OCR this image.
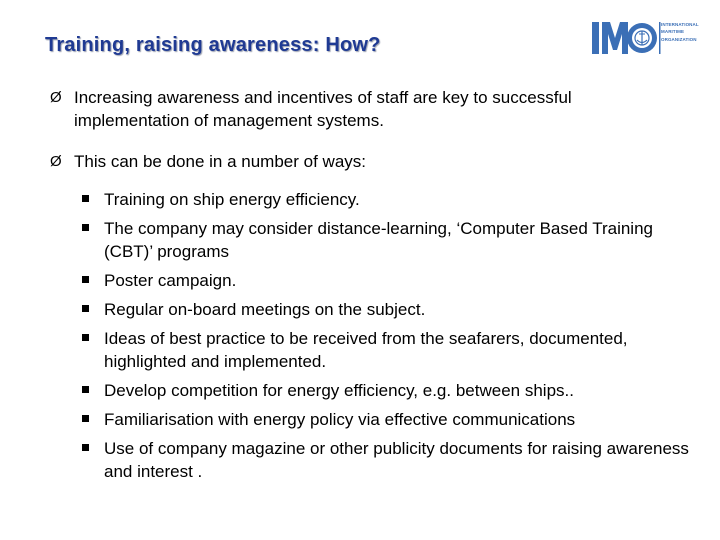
Training, raising awareness: How?
INTERNATIONAL
MARITIME
ORGANIZATION
Ø Increasing awareness and incentives of staff are key to successful implementation of management systems.
Ø This can be done in a number of ways:
Training on ship energy efficiency.
The company may consider distance-learning, ‘Computer Based Training (CBT)’ programs
Poster campaign.
Regular on-board meetings on the subject.
Ideas of best practice to be received from the seafarers, documented, highlighted and implemented.
Develop competition for energy efficiency, e.g. between ships..
Familiarisation with energy policy via effective communications
Use of company magazine or other publicity documents for raising awareness and interest .
